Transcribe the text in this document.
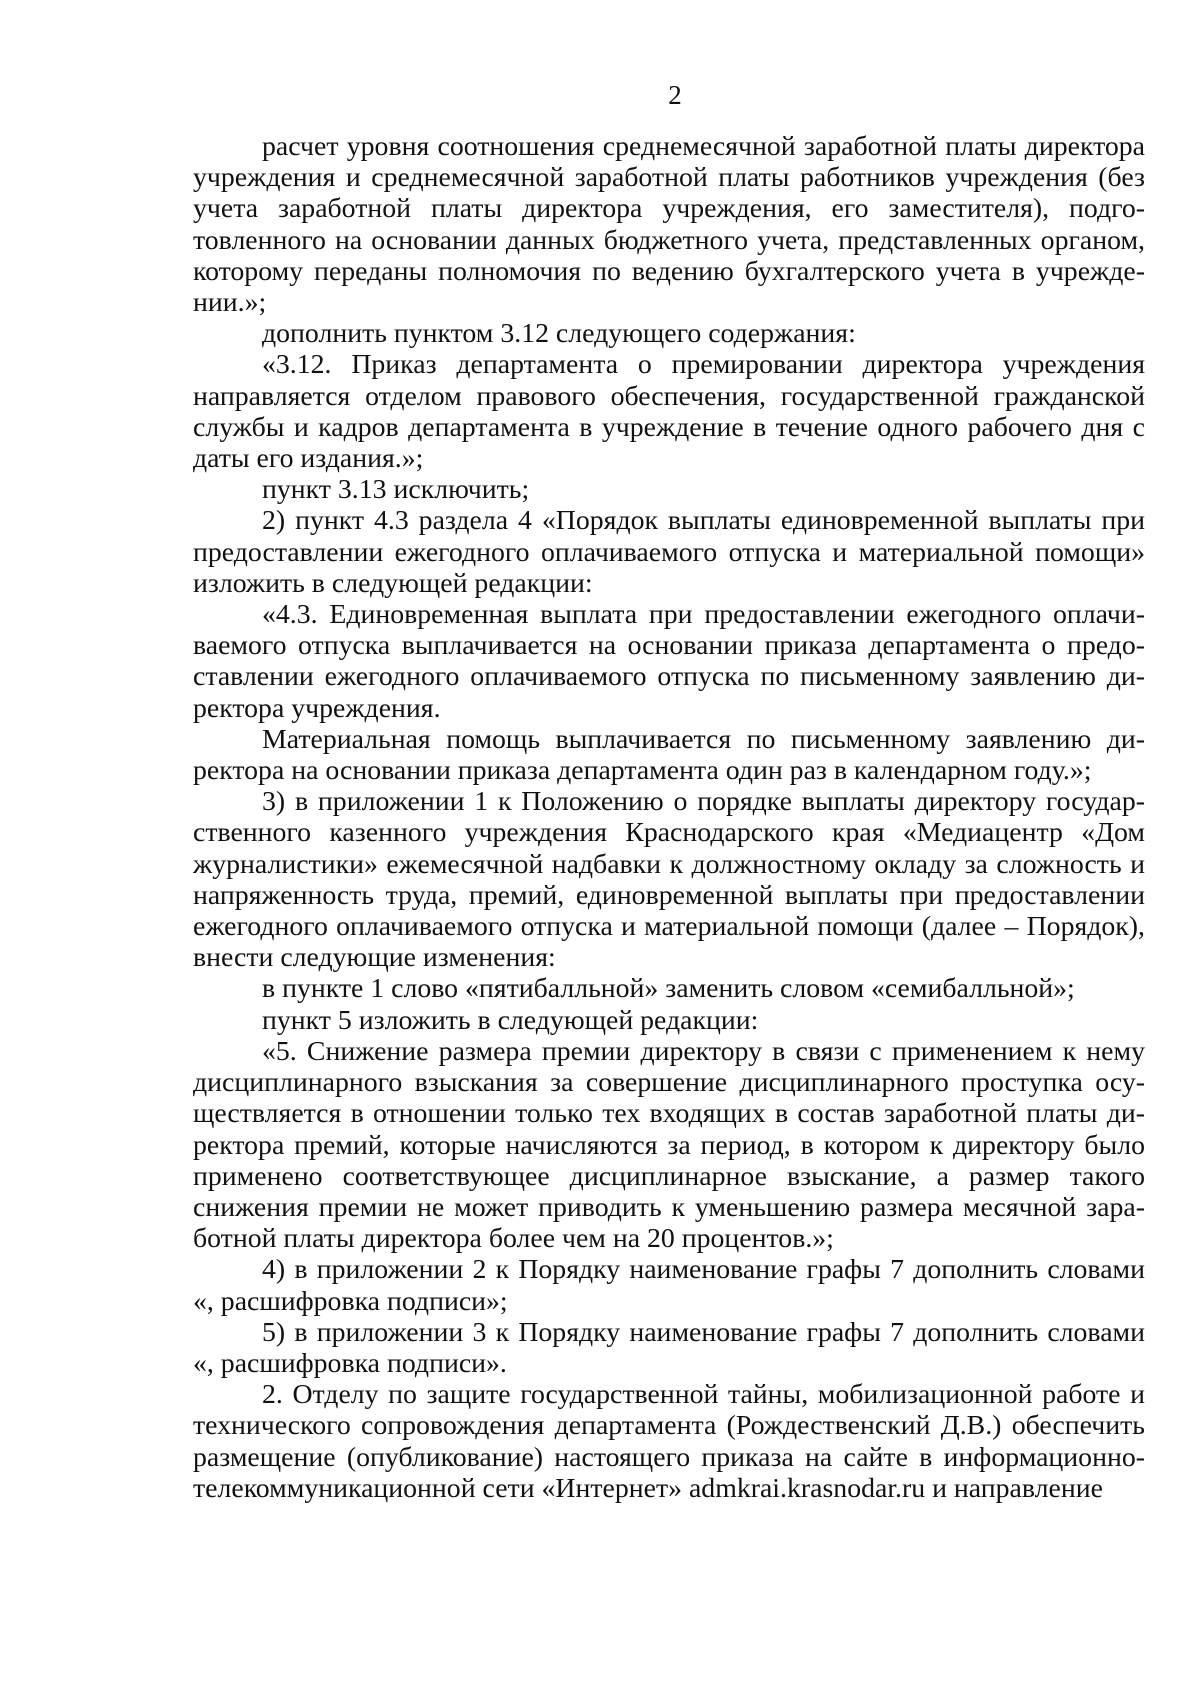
2

расчет уровня соотношения среднемесячной заработной платы директора учреждения и среднемесячной заработной платы работников учреждения (без учета заработной платы директора учреждения, его заместителя), подготовленного на основании данных бюджетного учета, представленных органом, которому переданы полномочия по ведению бухгалтерского учета в учреждении.»;

дополнить пунктом 3.12 следующего содержания:

«3.12. Приказ департамента о премировании директора учреждения направляется отделом правового обеспечения, государственной гражданской службы и кадров департамента в учреждение в течение одного рабочего дня с даты его издания.»;

пункт 3.13 исключить;

2) пункт 4.3 раздела 4 «Порядок выплаты единовременной выплаты при предоставлении ежегодного оплачиваемого отпуска и материальной помощи» изложить в следующей редакции:

«4.3. Единовременная выплата при предоставлении ежегодного оплачиваемого отпуска выплачивается на основании приказа департамента о предоставлении ежегодного оплачиваемого отпуска по письменному заявлению директора учреждения.

Материальная помощь выплачивается по письменному заявлению директора на основании приказа департамента один раз в календарном году.»;

3) в приложении 1 к Положению о порядке выплаты директору государственного казенного учреждения Краснодарского края «Медиацентр «Дом журналистики» ежемесячной надбавки к должностному окладу за сложность и напряженность труда, премий, единовременной выплаты при предоставлении ежегодного оплачиваемого отпуска и материальной помощи (далее – Порядок), внести следующие изменения:

в пункте 1 слово «пятибалльной» заменить словом «семибалльной»;

пункт 5 изложить в следующей редакции:

«5. Снижение размера премии директору в связи с применением к нему дисциплинарного взыскания за совершение дисциплинарного проступка осуществляется в отношении только тех входящих в состав заработной платы директора премий, которые начисляются за период, в котором к директору было применено соответствующее дисциплинарное взыскание, а размер такого снижения премии не может приводить к уменьшению размера месячной заработной платы директора более чем на 20 процентов.»;

4) в приложении 2 к Порядку наименование графы 7 дополнить словами «, расшифровка подписи»;

5) в приложении 3 к Порядку наименование графы 7 дополнить словами «, расшифровка подписи».

2. Отделу по защите государственной тайны, мобилизационной работе и технического сопровождения департамента (Рождественский Д.В.) обеспечить размещение (опубликование) настоящего приказа на сайте в информационно-телекоммуникационной сети «Интернет» admkrai.krasnodar.ru и направление
